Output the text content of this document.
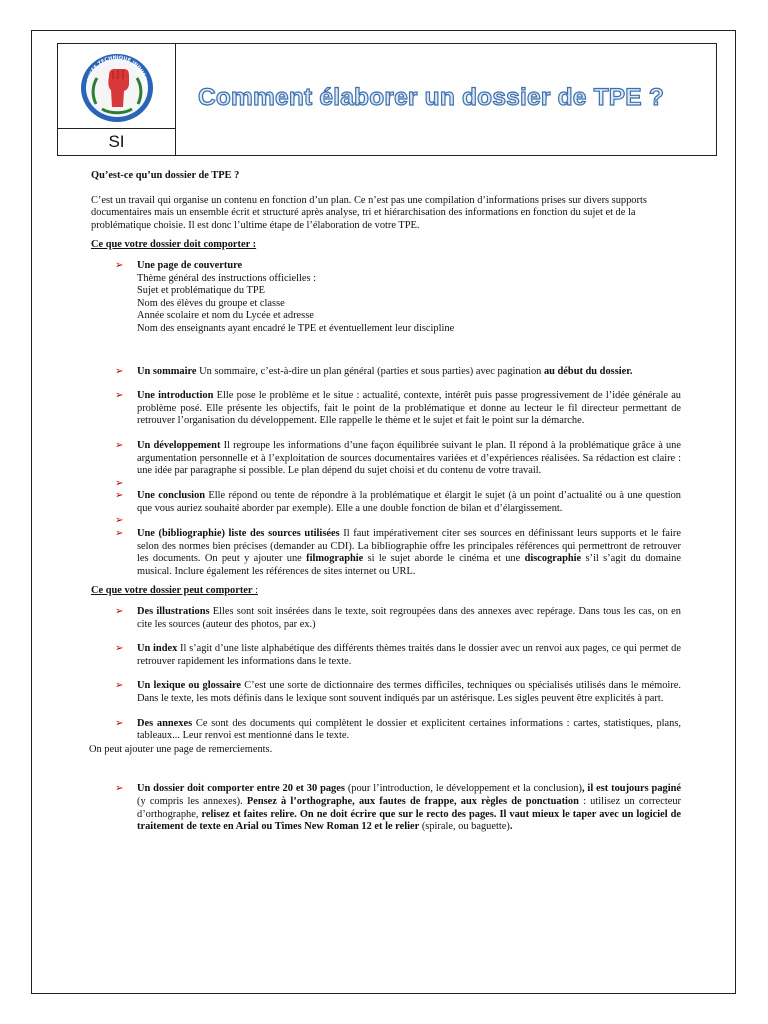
LYCÉE TECHNIQUE INDUSTRI
SI
Comment élaborer un dossier de TPE ?

Qu’est-ce qu’un dossier de TPE ?

C’est un travail qui organise un contenu en fonction d’un plan. Ce n’est pas une compilation d’informations prises sur divers supports documentaires mais un ensemble écrit et structuré après analyse, tri et hiérarchisation des informations en fonction du sujet et de la problématique choisie. Il est donc l’ultime étape de l’élaboration de votre TPE.

Ce que votre dossier doit comporter :

➢ Une page de couverture
Thème général des instructions officielles :
Sujet et problématique du TPE
Nom des élèves du groupe et classe
Année scolaire et nom du Lycée et adresse
Nom des enseignants ayant encadré le TPE et éventuellement leur discipline
➢ Un sommaire Un sommaire, c’est-à-dire un plan général (parties et sous parties) avec pagination au début du dossier.
➢ Une introduction Elle pose le problème et le situe : actualité, contexte, intérêt puis passe progressivement de l’idée générale au problème posé. Elle présente les objectifs, fait le point de la problématique et donne au lecteur le fil directeur permettant de retrouver l’organisation du développement. Elle rappelle le thème et le sujet et fait le point sur la démarche.
➢ Un développement Il regroupe les informations d’une façon équilibrée suivant le plan. Il répond à la problématique grâce à une argumentation personnelle et à l’exploitation de sources documentaires variées et d’expériences réalisées. Sa rédaction est claire : une idée par paragraphe si possible. Le plan dépend du sujet choisi et du contenu de votre travail.
➢
➢ Une conclusion Elle répond ou tente de répondre à la problématique et élargit le sujet (à un point d’actualité ou à une question que vous auriez souhaité aborder par exemple). Elle a une double fonction de bilan et d’élargissement.
➢
➢ Une (bibliographie) liste des sources utilisées Il faut impérativement citer ses sources en définissant leurs supports et le faire selon des normes bien précises (demander au CDI). La bibliographie offre les principales références qui permettront de retrouver les documents. On peut y ajouter une filmographie si le sujet aborde le cinéma et une discographie s’il s’agit du domaine musical. Inclure également les références de sites internet ou URL.

Ce que votre dossier peut comporter :

➢ Des illustrations Elles sont soit insérées dans le texte, soit regroupées dans des annexes avec repérage. Dans tous les cas, on en cite les sources (auteur des photos, par ex.)
➢ Un index Il s’agit d’une liste alphabétique des différents thèmes traités dans le dossier avec un renvoi aux pages, ce qui permet de retrouver rapidement les informations dans le texte.
➢ Un lexique ou glossaire C’est une sorte de dictionnaire des termes difficiles, techniques ou spécialisés utilisés dans le mémoire. Dans le texte, les mots définis dans le lexique sont souvent indiqués par un astérisque. Les sigles peuvent être explicités à part.
➢ Des annexes Ce sont des documents qui complètent le dossier et explicitent certaines informations : cartes, statistiques, plans, tableaux... Leur renvoi est mentionné dans le texte.

On peut ajouter une page de remerciements.

➢ Un dossier doit comporter entre 20 et 30 pages (pour l’introduction, le développement et la conclusion), il est toujours paginé (y compris les annexes). Pensez à l’orthographe, aux fautes de frappe, aux règles de ponctuation : utilisez un correcteur d’orthographe, relisez et faites relire. On ne doit écrire que sur le recto des pages. Il vaut mieux le taper avec un logiciel de traitement de texte en Arial ou Times New Roman 12 et le relier (spirale, ou baguette).
